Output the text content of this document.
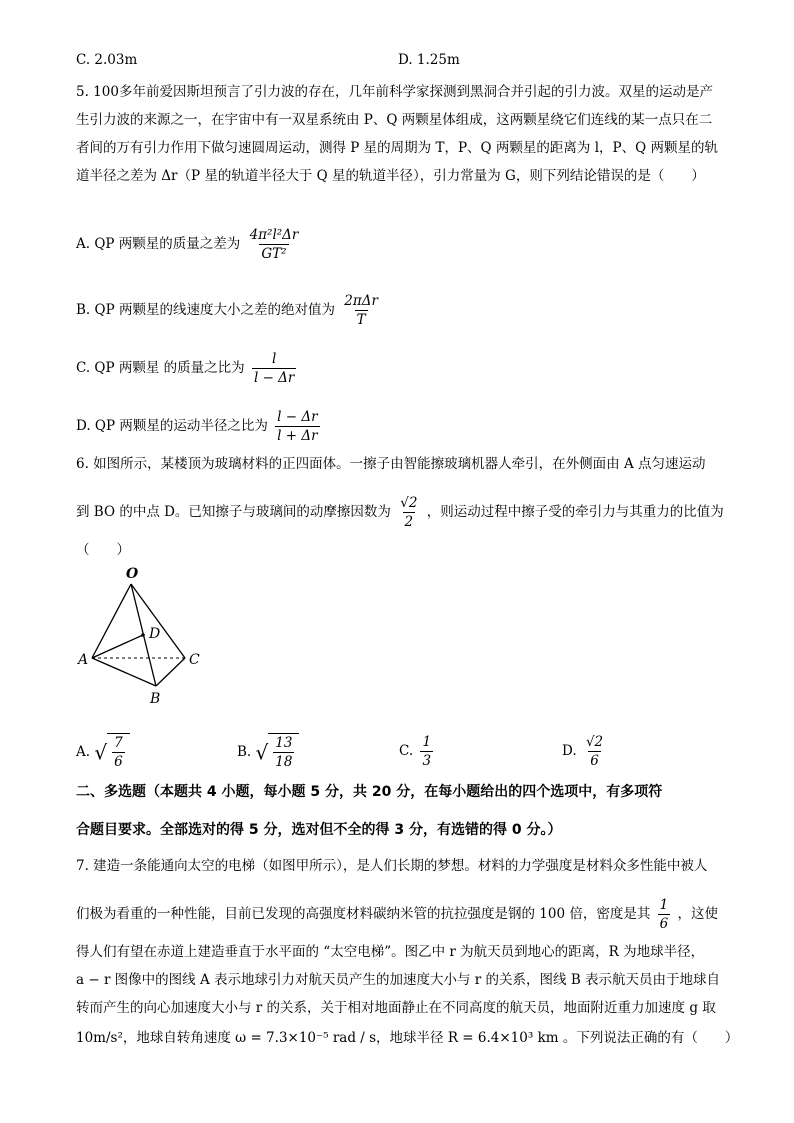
C. 2.03m	D. 1.25m
5. 100多年前爱因斯坦预言了引力波的存在，几年前科学家探测到黑洞合并引起的引力波。双星的运动是产
生引力波的来源之一，在宇宙中有一双星系统由 P、Q 两颗星体组成，这两颗星绕它们连线的某一点只在二
者间的万有引力作用下做匀速圆周运动，测得 P 星的周期为 T，P、Q 两颗星的距离为 l，P、Q 两颗星的轨
道半径之差为 Δr（P 星的轨道半径大于 Q 星的轨道半径），引力常量为 G，则下列结论错误的是（　　）
A. QP 两颗星的质量之差为 $\frac{\text{4π²l²Δr}}{\text{GT²}}$
B. QP 两颗星的线速度大小之差的绝对值为 $\frac{\text{2πΔr}}{T}$
C. QP 两颗星 的质量之比为 $\frac{l}{l - \Delta r}$
D. QP 两颗星的运动半径之比为 $\frac{l - \Delta r}{l + \Delta r}$
6. 如图所示，某楼顶为玻璃材料的正四面体。一擦子由智能擦玻璃机器人牵引，在外侧面由 A 点匀速运动
到 BO 的中点 D。已知擦子与玻璃间的动摩擦因数为 $\frac{√2}{2}$ ，则运动过程中擦子受的牵引力与其重力的比值为
（　　）
O
A	C
B
D
A. √ $\frac{7}{6}$	B. √ $\frac{13}{18}$	C. $\frac{1}{3}$	D. $\frac{√2}{6}$
二、多选题（本题共 4 小题，每小题 5 分，共 20 分，在每小题给出的四个选项中，有多项符
合题目要求。全部选对的得 5 分，选对但不全的得 3 分，有选错的得 0 分。）
7. 建造一条能通向太空的电梯（如图甲所示），是人们长期的梦想。材料的力学强度是材料众多性能中被人
们极为看重的一种性能，目前已发现的高强度材料碳纳米管的抗拉强度是钢的 100 倍，密度是其 $\frac{1}{6}$ ，这使
得人们有望在赤道上建造垂直于水平面的 “太空电梯”。图乙中 r 为航天员到地心的距离，R 为地球半径，
a − r 图像中的图线 A 表示地球引力对航天员产生的加速度大小与 r 的关系，图线 B 表示航天员由于地球自
转而产生的向心加速度大小与 r 的关系，关于相对地面静止在不同高度的航天员，地面附近重力加速度 g 取
10m/s²，地球自转角速度 ω = 7.3×10⁻⁵ rad / s，地球半径 R = 6.4×10³ km 。下列说法正确的有（　　）
